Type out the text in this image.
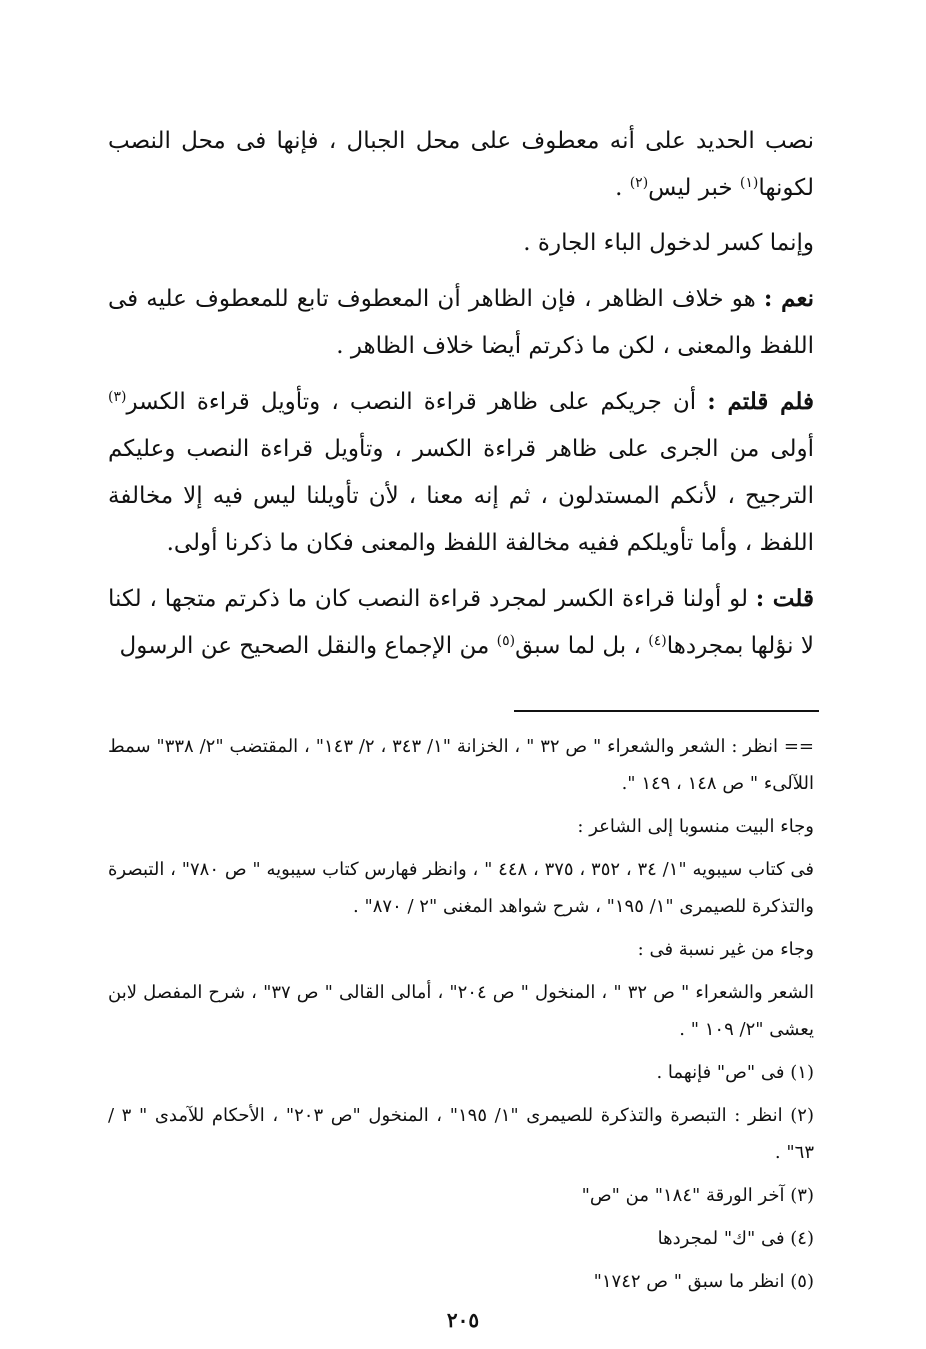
نصب الحديد على أنه معطوف على محل الجبال ، فإنها فى محل النصب لكونها$^{(١)}$ خبر ليس$^{(٢)}$ .

وإنما كسر لدخول الباء الجارة .

نعم : هو خلاف الظاهر ، فإن الظاهر أن المعطوف تابع للمعطوف عليه فى اللفظ والمعنى ، لكن ما ذكرتم أيضا خلاف الظاهر .

فلم قلتم : أن جريكم على ظاهر قراءة النصب ، وتأويل قراءة الكسر$^{(٣)}$ أولى من الجرى على ظاهر قراءة الكسر ، وتأويل قراءة النصب وعليكم الترجيح ، لأنكم المستدلون ، ثم إنه معنا ، لأن تأويلنا ليس فيه إلا مخالفة اللفظ ، وأما تأويلكم ففيه مخالفة اللفظ والمعنى فكان ما ذكرنا أولى.

قلت : لو أولنا قراءة الكسر لمجرد قراءة النصب كان ما ذكرتم متجها ، لكنا لا نؤلها بمجردها$^{(٤)}$ ، بل لما سبق$^{(٥)}$ من الإجماع والنقل الصحيح عن الرسول

== انظر : الشعر والشعراء " ص ٣٢ " ، الخزانة "١/ ٣٤٣ ، ٢/ ١٤٣" ، المقتضب "٢/ ٣٣٨" سمط اللآلىء " ص ١٤٨ ، ١٤٩ ".

وجاء البيت منسوبا إلى الشاعر :

فى كتاب سيبويه "١/ ٣٤ ، ٣٥٢ ، ٣٧٥ ، ٤٤٨ " ، وانظر فهارس كتاب سيبويه " ص ٧٨٠" ، التبصرة والتذكرة للصيمرى "١/ ١٩٥" ، شرح شواهد المغنى "٢ / ٨٧٠" .

وجاء من غير نسبة فى :

الشعر والشعراء " ص ٣٢ " ، المنخول " ص ٢٠٤" ، أمالى القالى " ص ٣٧" ، شرح المفصل لابن يعشى "٢/ ١٠٩ " .

(١) فى "ص" فإنهما .

(٢) انظر : التبصرة والتذكرة للصيمرى "١/ ١٩٥" ، المنخول "ص ٢٠٣" ، الأحكام للآمدى " ٣ / ٦٣" .

(٣) آخر الورقة "١٨٤" من "ص"

(٤) فى "ك" لمجردها

(٥) انظر ما سبق " ص ١٧٤٢"

٢٠٥
